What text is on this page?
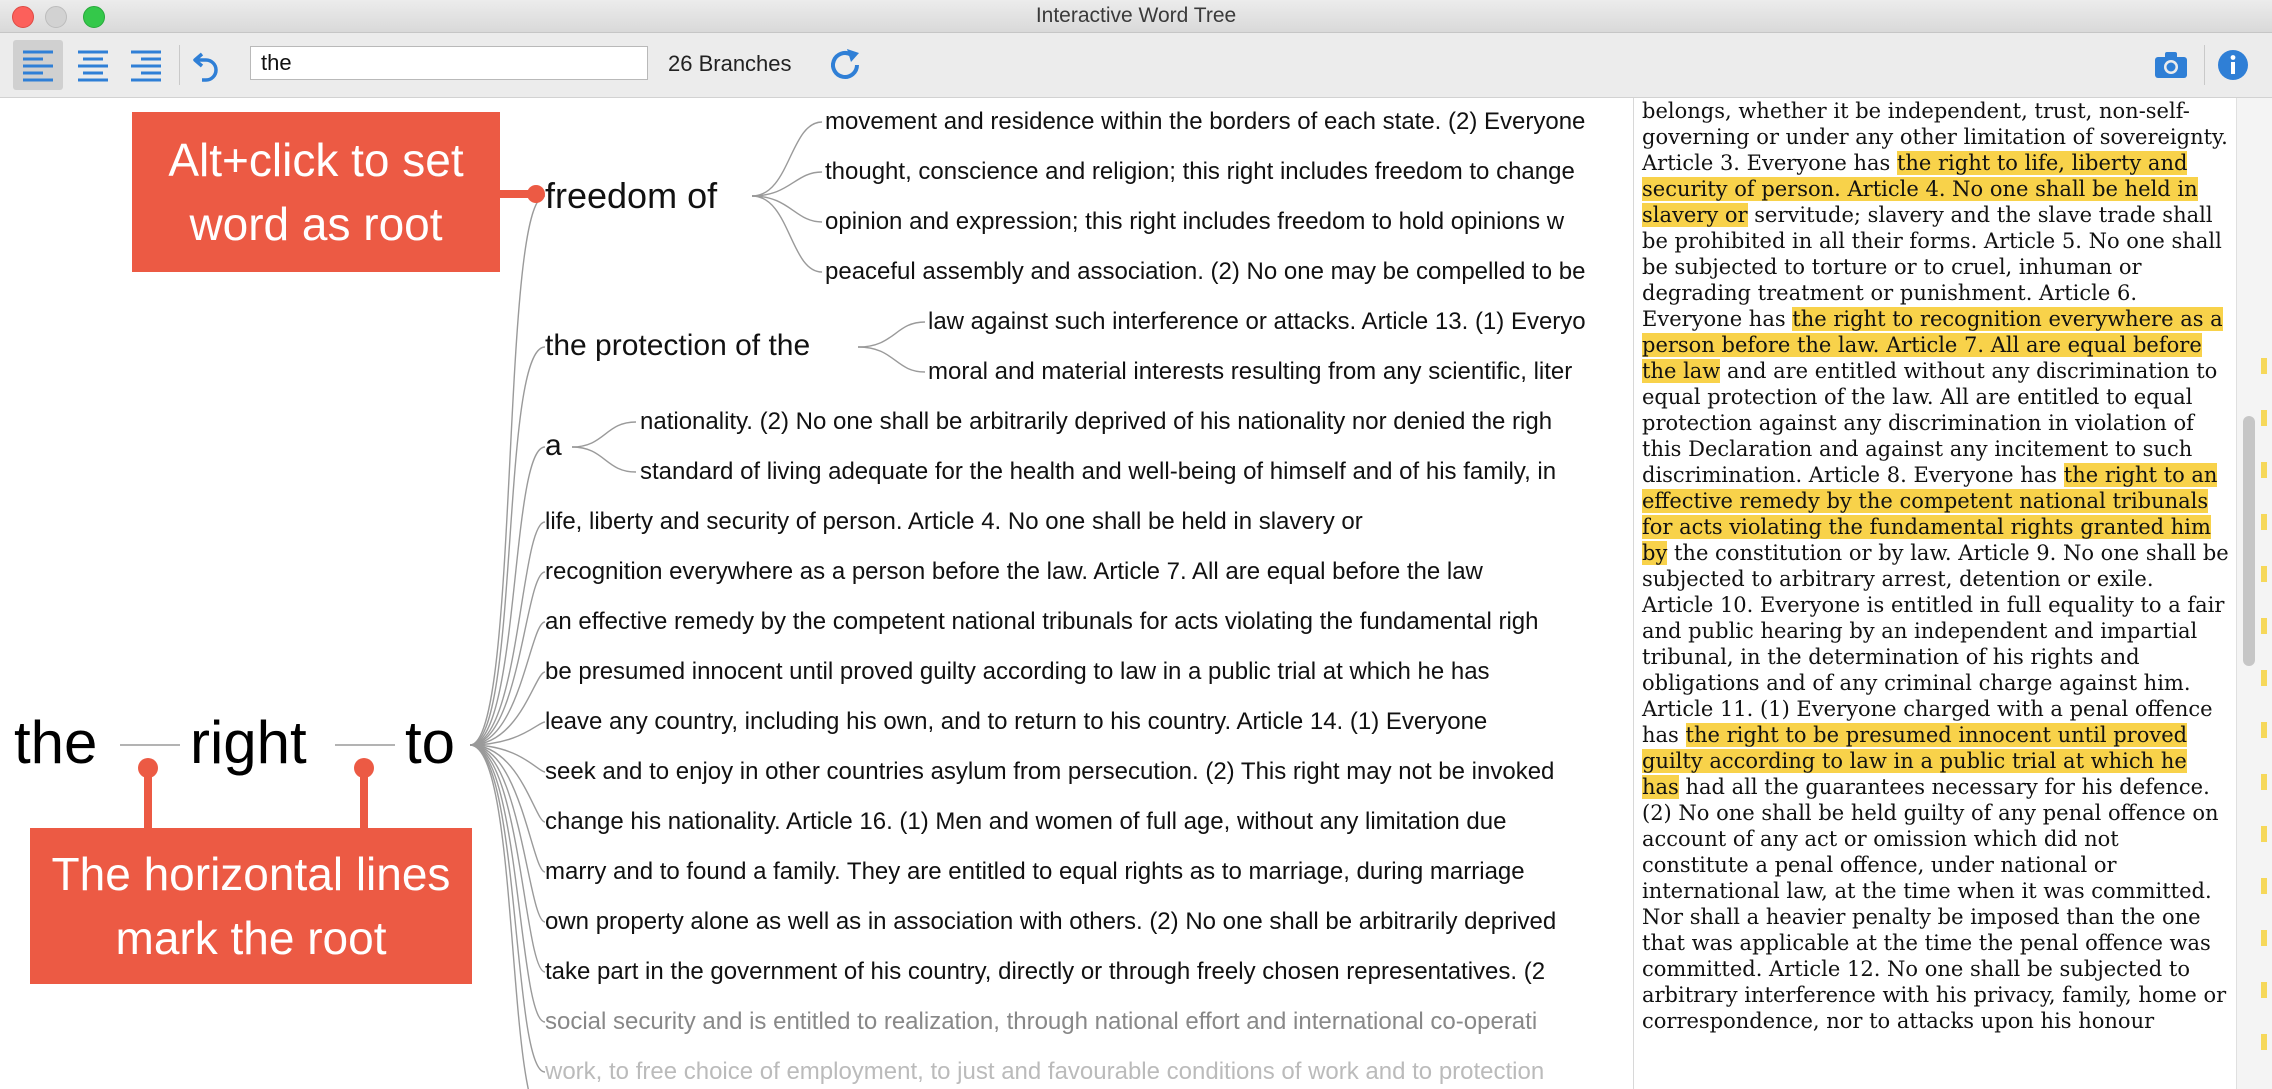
Interactive Word Tree
the
26 Branches
the right to
freedom of
movement and residence within the borders of each state. (2) Everyone
thought, conscience and religion; this right includes freedom to change
opinion and expression; this right includes freedom to hold opinions w
peaceful assembly and association. (2) No one may be compelled to be
the protection of the
law against such interference or attacks. Article 13. (1) Everyo
moral and material interests resulting from any scientific, liter
a
nationality. (2) No one shall be arbitrarily deprived of his nationality nor denied the righ
standard of living adequate for the health and well-being of himself and of his family, in
life, liberty and security of person. Article 4. No one shall be held in slavery or
recognition everywhere as a person before the law. Article 7. All are equal before the law
an effective remedy by the competent national tribunals for acts violating the fundamental righ
be presumed innocent until proved guilty according to law in a public trial at which he has
leave any country, including his own, and to return to his country. Article 14. (1) Everyone
seek and to enjoy in other countries asylum from persecution. (2) This right may not be invoked
change his nationality. Article 16. (1) Men and women of full age, without any limitation due
marry and to found a family. They are entitled to equal rights as to marriage, during marriage
own property alone as well as in association with others. (2) No one shall be arbitrarily deprived
take part in the government of his country, directly or through freely chosen representatives. (2
social security and is entitled to realization, through national effort and international co-operati
work, to free choice of employment, to just and favourable conditions of work and to protection
Alt+click to set word as root
The horizontal lines mark the root

belongs, whether it be independent, trust, non-self-governing or under any other limitation of sovereignty. Article 3. Everyone has the right to life, liberty and security of person. Article 4. No one shall be held in slavery or servitude; slavery and the slave trade shall be prohibited in all their forms. Article 5. No one shall be subjected to torture or to cruel, inhuman or degrading treatment or punishment. Article 6. Everyone has the right to recognition everywhere as a person before the law. Article 7. All are equal before the law and are entitled without any discrimination to equal protection of the law. All are entitled to equal protection against any discrimination in violation of this Declaration and against any incitement to such discrimination. Article 8. Everyone has the right to an effective remedy by the competent national tribunals for acts violating the fundamental rights granted him by the constitution or by law. Article 9. No one shall be subjected to arbitrary arrest, detention or exile. Article 10. Everyone is entitled in full equality to a fair and public hearing by an independent and impartial tribunal, in the determination of his rights and obligations and of any criminal charge against him. Article 11. (1) Everyone charged with a penal offence has the right to be presumed innocent until proved guilty according to law in a public trial at which he has had all the guarantees necessary for his defence. (2) No one shall be held guilty of any penal offence on account of any act or omission which did not constitute a penal offence, under national or international law, at the time when it was committed. Nor shall a heavier penalty be imposed than the one that was applicable at the time the penal offence was committed. Article 12. No one shall be subjected to arbitrary interference with his privacy, family, home or correspondence, nor to attacks upon his honour
